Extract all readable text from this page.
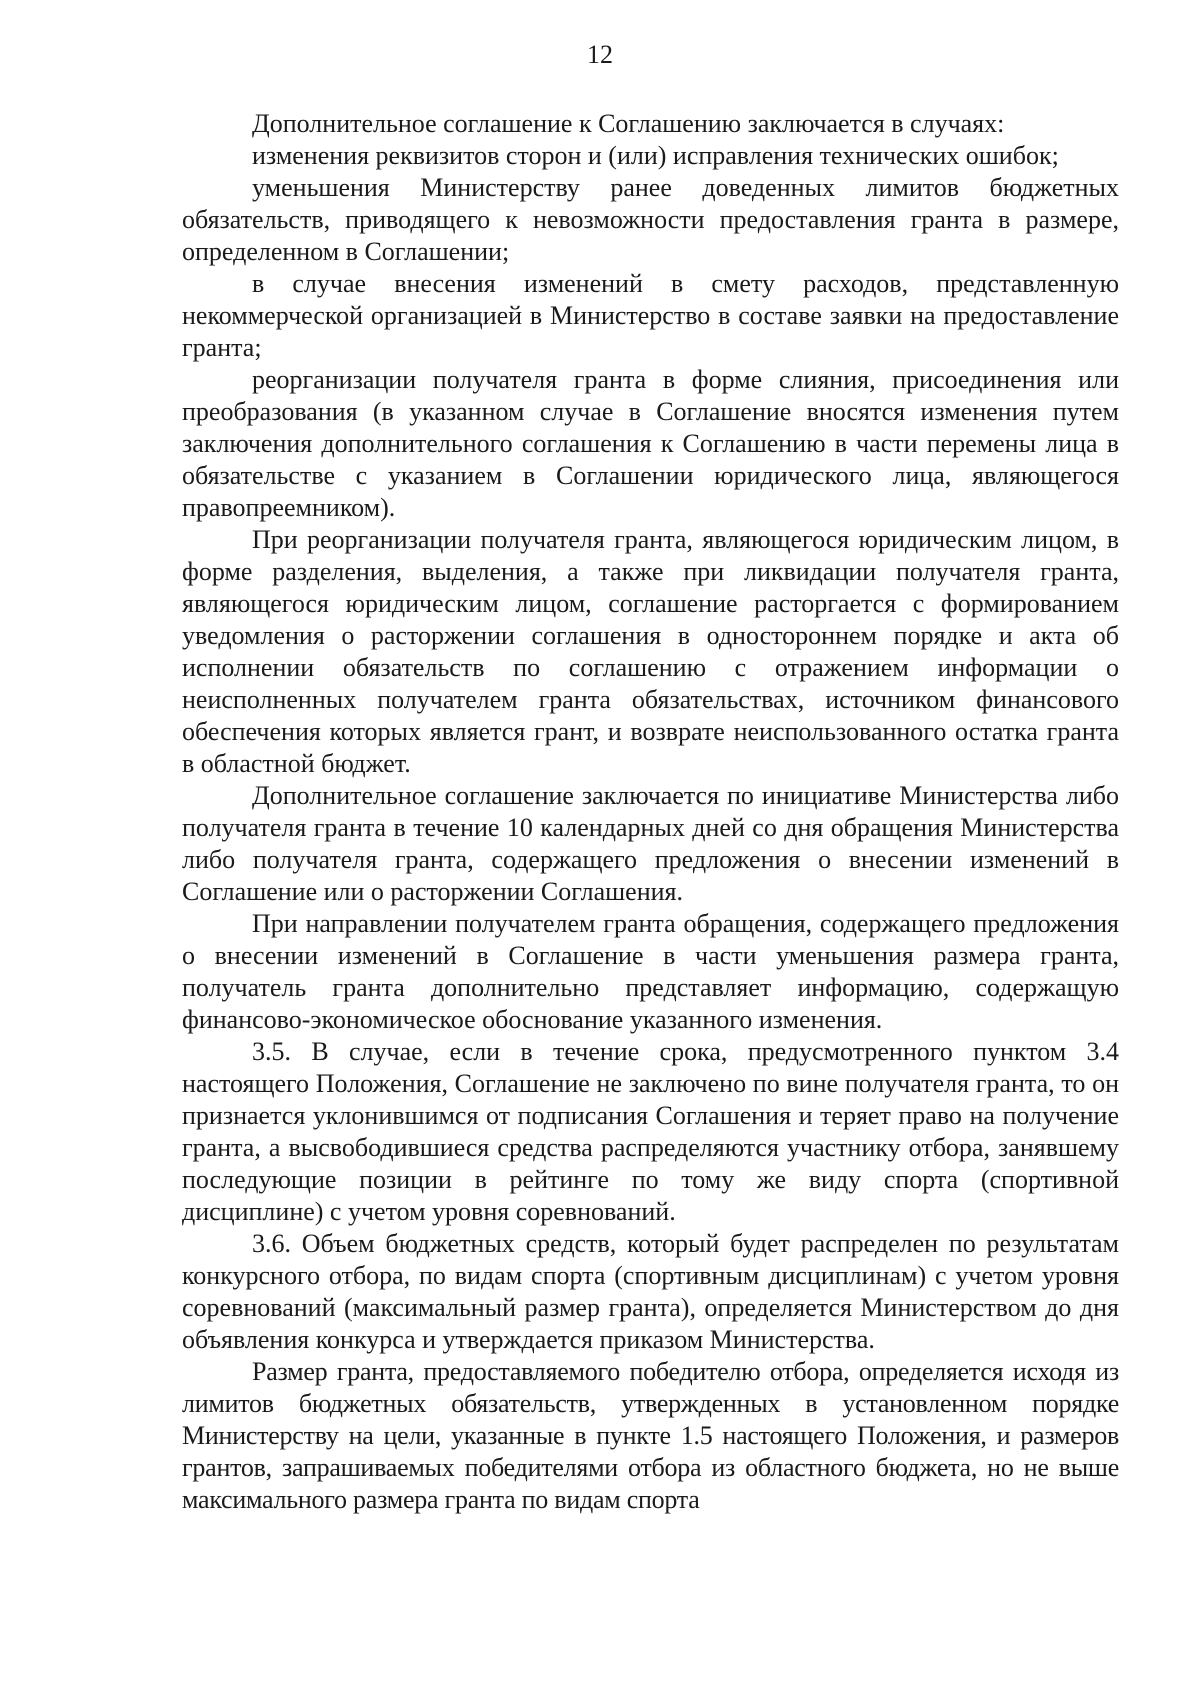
12

Дополнительное соглашение к Соглашению заключается в случаях:

изменения реквизитов сторон и (или) исправления технических ошибок;

уменьшения Министерству ранее доведенных лимитов бюджетных обязательств, приводящего к невозможности предоставления гранта в размере, определенном в Соглашении;

в случае внесения изменений в смету расходов, представленную некоммерческой организацией в Министерство в составе заявки на предоставление гранта;

реорганизации получателя гранта в форме слияния, присоединения или преобразования (в указанном случае в Соглашение вносятся изменения путем заключения дополнительного соглашения к Соглашению в части перемены лица в обязательстве с указанием в Соглашении юридического лица, являющегося правопреемником).

При реорганизации получателя гранта, являющегося юридическим лицом, в форме разделения, выделения, а также при ликвидации получателя гранта, являющегося юридическим лицом, соглашение расторгается с формированием уведомления о расторжении соглашения в одностороннем порядке и акта об исполнении обязательств по соглашению с отражением информации о неисполненных получателем гранта обязательствах, источником финансового обеспечения которых является грант, и возврате неиспользованного остатка гранта в областной бюджет.

Дополнительное соглашение заключается по инициативе Министерства либо получателя гранта в течение 10 календарных дней со дня обращения Министерства либо получателя гранта, содержащего предложения о внесении изменений в Соглашение или о расторжении Соглашения.

При направлении получателем гранта обращения, содержащего предложения о внесении изменений в Соглашение в части уменьшения размера гранта, получатель гранта дополнительно представляет информацию, содержащую финансово-экономическое обоснование указанного изменения.

3.5. В случае, если в течение срока, предусмотренного пунктом 3.4 настоящего Положения, Соглашение не заключено по вине получателя гранта, то он признается уклонившимся от подписания Соглашения и теряет право на получение гранта, а высвободившиеся средства распределяются участнику отбора, занявшему последующие позиции в рейтинге по тому же виду спорта (спортивной дисциплине) с учетом уровня соревнований.

3.6. Объем бюджетных средств, который будет распределен по результатам конкурсного отбора, по видам спорта (спортивным дисциплинам) с учетом уровня соревнований (максимальный размер гранта), определяется Министерством до дня объявления конкурса и утверждается приказом Министерства.

Размер гранта, предоставляемого победителю отбора, определяется исходя из лимитов бюджетных обязательств, утвержденных в установленном порядке Министерству на цели, указанные в пункте 1.5 настоящего Положения, и размеров грантов, запрашиваемых победителями отбора из областного бюджета, но не выше максимального размера гранта по видам спорта
